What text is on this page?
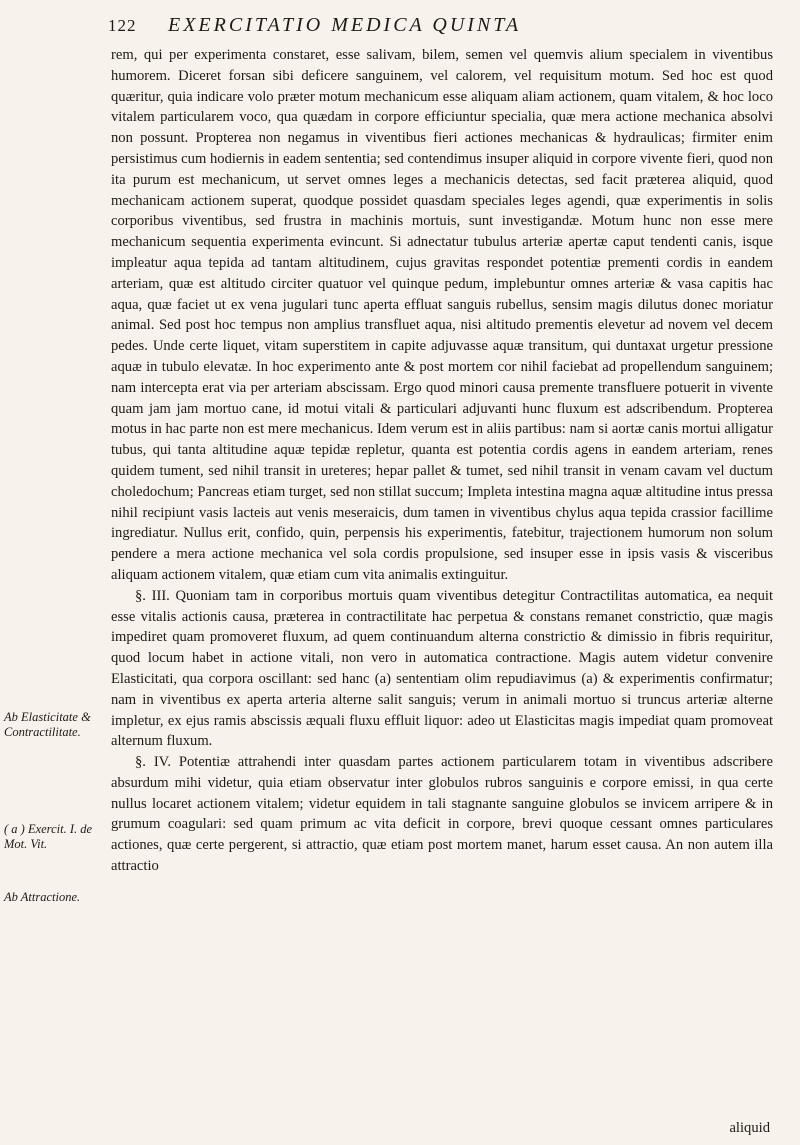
122 EXERCITATIO MEDICA QUINTA
Ab Elasticitate & Contractilitate.
( a ) Exercit. I. de Mot. Vit.
Ab Attractione.

rem, qui per experimenta constaret, esse salivam, bilem, semen vel quemvis alium specialem in viventibus humorem. Diceret forsan sibi deficere sanguinem, vel calorem, vel requisitum motum. Sed hoc est quod quæritur, quia indicare volo præter motum mechanicum esse aliquam aliam actionem, quam vitalem, & hoc loco vitalem particularem voco, qua quædam in corpore efficiuntur specialia, quæ mera actione mechanica absolvi non possunt. Propterea non negamus in viventibus fieri actiones mechanicas & hydraulicas; firmiter enim persistimus cum hodiernis in eadem sententia; sed contendimus insuper aliquid in corpore vivente fieri, quod non ita purum est mechanicum, ut servet omnes leges a mechanicis detectas, sed facit præterea aliquid, quod mechanicam actionem superat, quodque possidet quasdam speciales leges agendi, quæ experimentis in solis corporibus viventibus, sed frustra in machinis mortuis, sunt investigandæ. Motum hunc non esse mere mechanicum sequentia experimenta evincunt. Si adnectatur tubulus arteriæ apertæ caput tendenti canis, isque impleatur aqua tepida ad tantam altitudinem, cujus gravitas respondet potentiæ prementi cordis in eandem arteriam, quæ est altitudo circiter quatuor vel quinque pedum, implebuntur omnes arteriæ & vasa capitis hac aqua, quæ faciet ut ex vena jugulari tunc aperta effluat sanguis rubellus, sensim magis dilutus donec moriatur animal. Sed post hoc tempus non amplius transfluet aqua, nisi altitudo prementis elevetur ad novem vel decem pedes. Unde certe liquet, vitam superstitem in capite adjuvasse aquæ transitum, qui duntaxat urgetur pressione aquæ in tubulo elevatæ. In hoc experimento ante & post mortem cor nihil faciebat ad propellendum sanguinem; nam intercepta erat via per arteriam abscissam. Ergo quod minori causa premente transfluere potuerit in vivente quam jam jam mortuo cane, id motui vitali & particulari adjuvanti hunc fluxum est adscribendum. Propterea motus in hac parte non est mere mechanicus. Idem verum est in aliis partibus: nam si aortæ canis mortui alligatur tubus, qui tanta altitudine aquæ tepidæ repletur, quanta est potentia cordis agens in eandem arteriam, renes quidem tument, sed nihil transit in ureteres; hepar pallet & tumet, sed nihil transit in venam cavam vel ductum choledochum; Pancreas etiam turget, sed non stillat succum; Impleta intestina magna aquæ altitudine intus pressa nihil recipiunt vasis lacteis aut venis meseraicis, dum tamen in viventibus chylus aqua tepida crassior facillime ingrediatur. Nullus erit, confido, quin, perpensis his experimentis, fatebitur, trajectionem humorum non solum pendere a mera actione mechanica vel sola cordis propulsione, sed insuper esse in ipsis vasis & visceribus aliquam actionem vitalem, quæ etiam cum vita animalis extinguitur.

§. III. Quoniam tam in corporibus mortuis quam viventibus detegitur Contractilitas automatica, ea nequit esse vitalis actionis causa, præterea in contractilitate hac perpetua & constans remanet constrictio, quæ magis impediret quam promoveret fluxum, ad quem continuandum alterna constrictio & dimissio in fibris requiritur, quod locum habet in actione vitali, non vero in automatica contractione. Magis autem videtur convenire Elasticitati, qua corpora oscillant: sed hanc (a) sententiam olim repudiavimus (a) & experimentis confirmatur; nam in viventibus ex aperta arteria alterne salit sanguis; verum in animali mortuo si truncus arteriæ alterne impletur, ex ejus ramis abscissis æquali fluxu effluit liquor: adeo ut Elasticitas magis impediat quam promoveat alternum fluxum.

§. IV. Potentiæ attrahendi inter quasdam partes actionem particularem totam in viventibus adscribere absurdum mihi videtur, quia etiam observatur inter globulos rubros sanguinis e corpore emissi, in qua certe nullus locaret actionem vitalem; videtur equidem in tali stagnante sanguine globulos se invicem arripere & in grumum coagulari: sed quam primum ac vita deficit in corpore, brevi quoque cessant omnes particulares actiones, quæ certe pergerent, si attractio, quæ etiam post mortem manet, harum esset causa. An non autem illa attractio

aliquid
